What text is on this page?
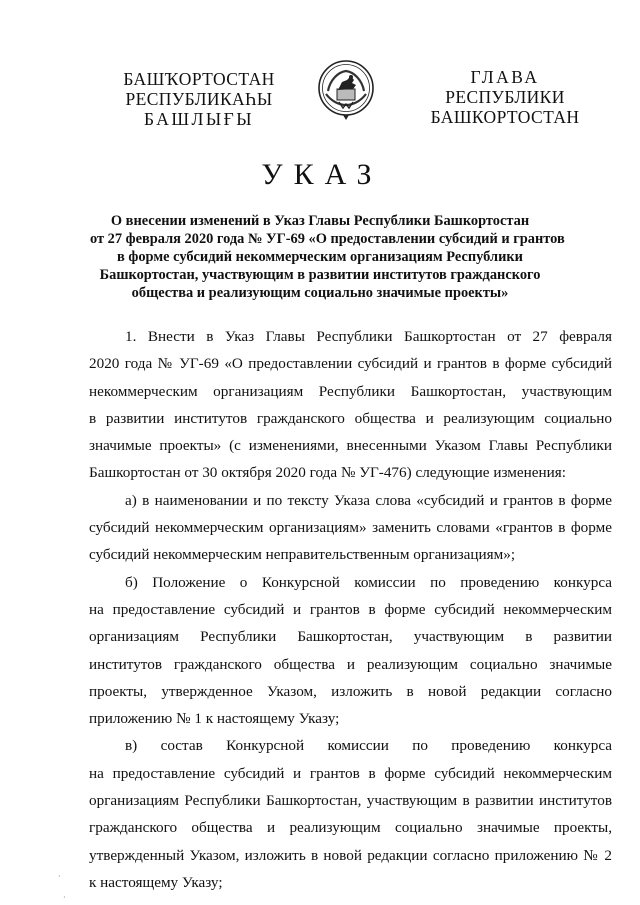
БАШҠОРТОСТАН
РЕСПУБЛИКАҺЫ
БАШЛЫҒЫ
ГЛАВА
РЕСПУБЛИКИ
БАШКОРТОСТАН
УКАЗ
О внесении изменений в Указ Главы Республики Башкортостан
от 27 февраля 2020 года № УГ-69 «О предоставлении субсидий и грантов
в форме субсидий некоммерческим организациям Республики
Башкортостан, участвующим в развитии институтов гражданского
общества и реализующим социально значимые проекты»
1. Внести в Указ Главы Республики Башкортостан от 27 февраля
2020 года № УГ-69 «О предоставлении субсидий и грантов в форме субсидий
некоммерческим организациям Республики Башкортостан, участвующим
в развитии институтов гражданского общества и реализующим социально
значимые проекты» (с изменениями, внесенными Указом Главы Республики
Башкортостан от 30 октября 2020 года № УГ-476) следующие изменения:
а) в наименовании и по тексту Указа слова «субсидий и грантов в форме
субсидий некоммерческим организациям» заменить словами «грантов в форме
субсидий некоммерческим неправительственным организациям»;
б) Положение о Конкурсной комиссии по проведению конкурса
на предоставление субсидий и грантов в форме субсидий некоммерческим
организациям Республики Башкортостан, участвующим в развитии
институтов гражданского общества и реализующим социально значимые
проекты, утвержденное Указом, изложить в новой редакции согласно
приложению № 1 к настоящему Указу;
в) состав Конкурсной комиссии по проведению конкурса
на предоставление субсидий и грантов в форме субсидий некоммерческим
организациям Республики Башкортостан, участвующим в развитии институтов
гражданского общества и реализующим социально значимые проекты,
утвержденный Указом, изложить в новой редакции согласно приложению № 2
к настоящему Указу;
·
·
